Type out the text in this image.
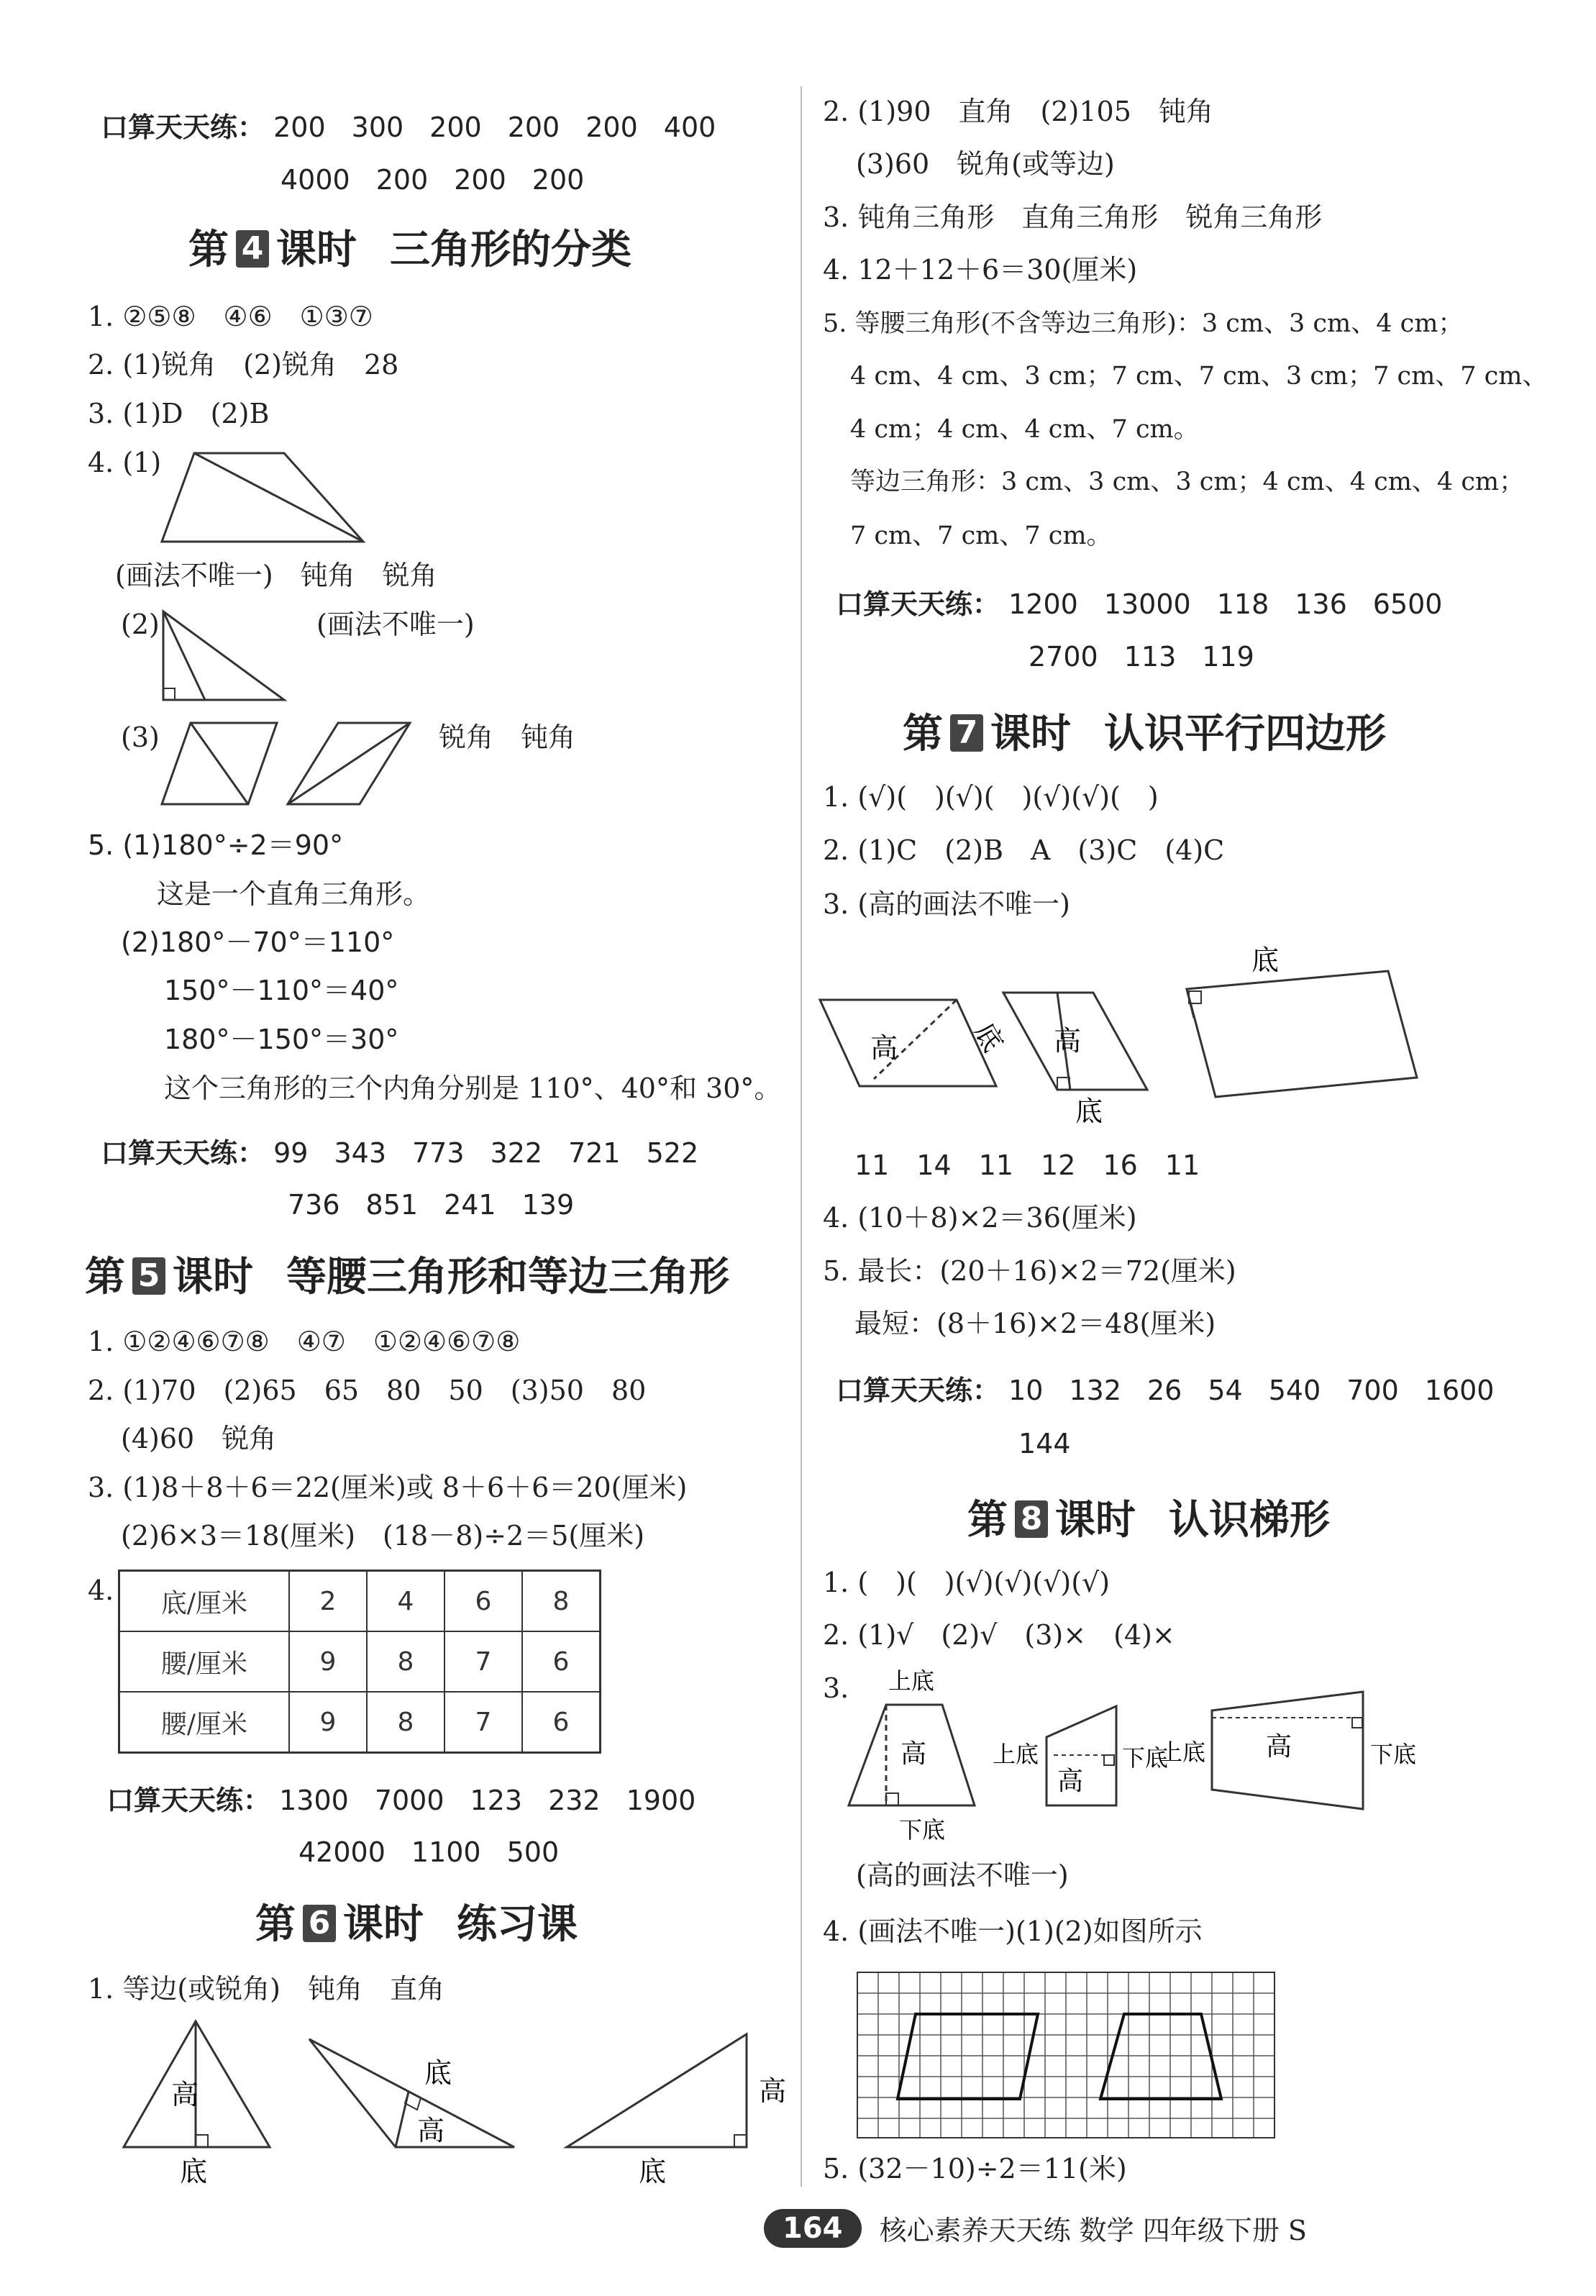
口算天天练： 200 300 200 200 200 400
4000 200 200 200
第 4 课时 三角形的分类
1. ②⑤⑧　④⑥　①③⑦
2. (1)锐角　(2)锐角　28
3. (1)D　(2)B
4. (1)
(画法不唯一)　钝角　锐角
(2)	(画法不唯一)
(3)	锐角　钝角
5. (1)180°÷2＝90°
这是一个直角三角形。
(2)180°－70°＝110°
150°－110°＝40°
180°－150°＝30°
这个三角形的三个内角分别是 110°、40°和 30°。
口算天天练： 99 343 773 322 721 522
736 851 241 139
第 5 课时 等腰三角形和等边三角形
1. ①②④⑥⑦⑧　④⑦　①②④⑥⑦⑧
2. (1)70　(2)65　65　80　50　(3)50　80
(4)60　锐角
3. (1)8＋8＋6＝22(厘米)或 8＋6＋6＝20(厘米)
(2)6×3＝18(厘米)　(18－8)÷2＝5(厘米)
4. 底/厘米	2	4	6	8
腰/厘米	9	8	7	6
腰/厘米	9	8	7	6
口算天天练： 1300 7000 123 232 1900
42000 1100 500
第 6 课时 练习课
1. 等边(或锐角)　钝角　直角
高
底
底
高
高
底
2. (1)90　直角　(2)105　钝角
(3)60　锐角(或等边)
3. 钝角三角形　直角三角形　锐角三角形
4. 12＋12＋6＝30(厘米)
5. 等腰三角形(不含等边三角形)：3 cm、3 cm、4 cm；
4 cm、4 cm、3 cm；7 cm、7 cm、3 cm；7 cm、7 cm、
4 cm；4 cm、4 cm、7 cm。
等边三角形：3 cm、3 cm、3 cm；4 cm、4 cm、4 cm；
7 cm、7 cm、7 cm。
口算天天练： 1200 13000 118 136 6500
2700 113 119
第 7 课时 认识平行四边形
1. (√)(　)(√)(　)(√)(√)(　)
2. (1)C　(2)B　A　(3)C　(4)C
3. (高的画法不唯一)
高	底 高
底
底
11　14　11　12　16　11
4. (10＋8)×2＝36(厘米)
5. 最长：(20＋16)×2＝72(厘米)
最短：(8＋16)×2＝48(厘米)
口算天天练： 10 132 26 54 540 700 1600
144
第 8 课时 认识梯形
1. (　)(　)(√)(√)(√)(√)
2. (1)√　(2)√　(3)×　(4)×
3. 上底
高
下底
上底
高
下底
上底 高	下底
(高的画法不唯一)
4. (画法不唯一)(1)(2)如图所示
5. (32－10)÷2＝11(米)
164 核心素养天天练 数学 四年级下册 S
